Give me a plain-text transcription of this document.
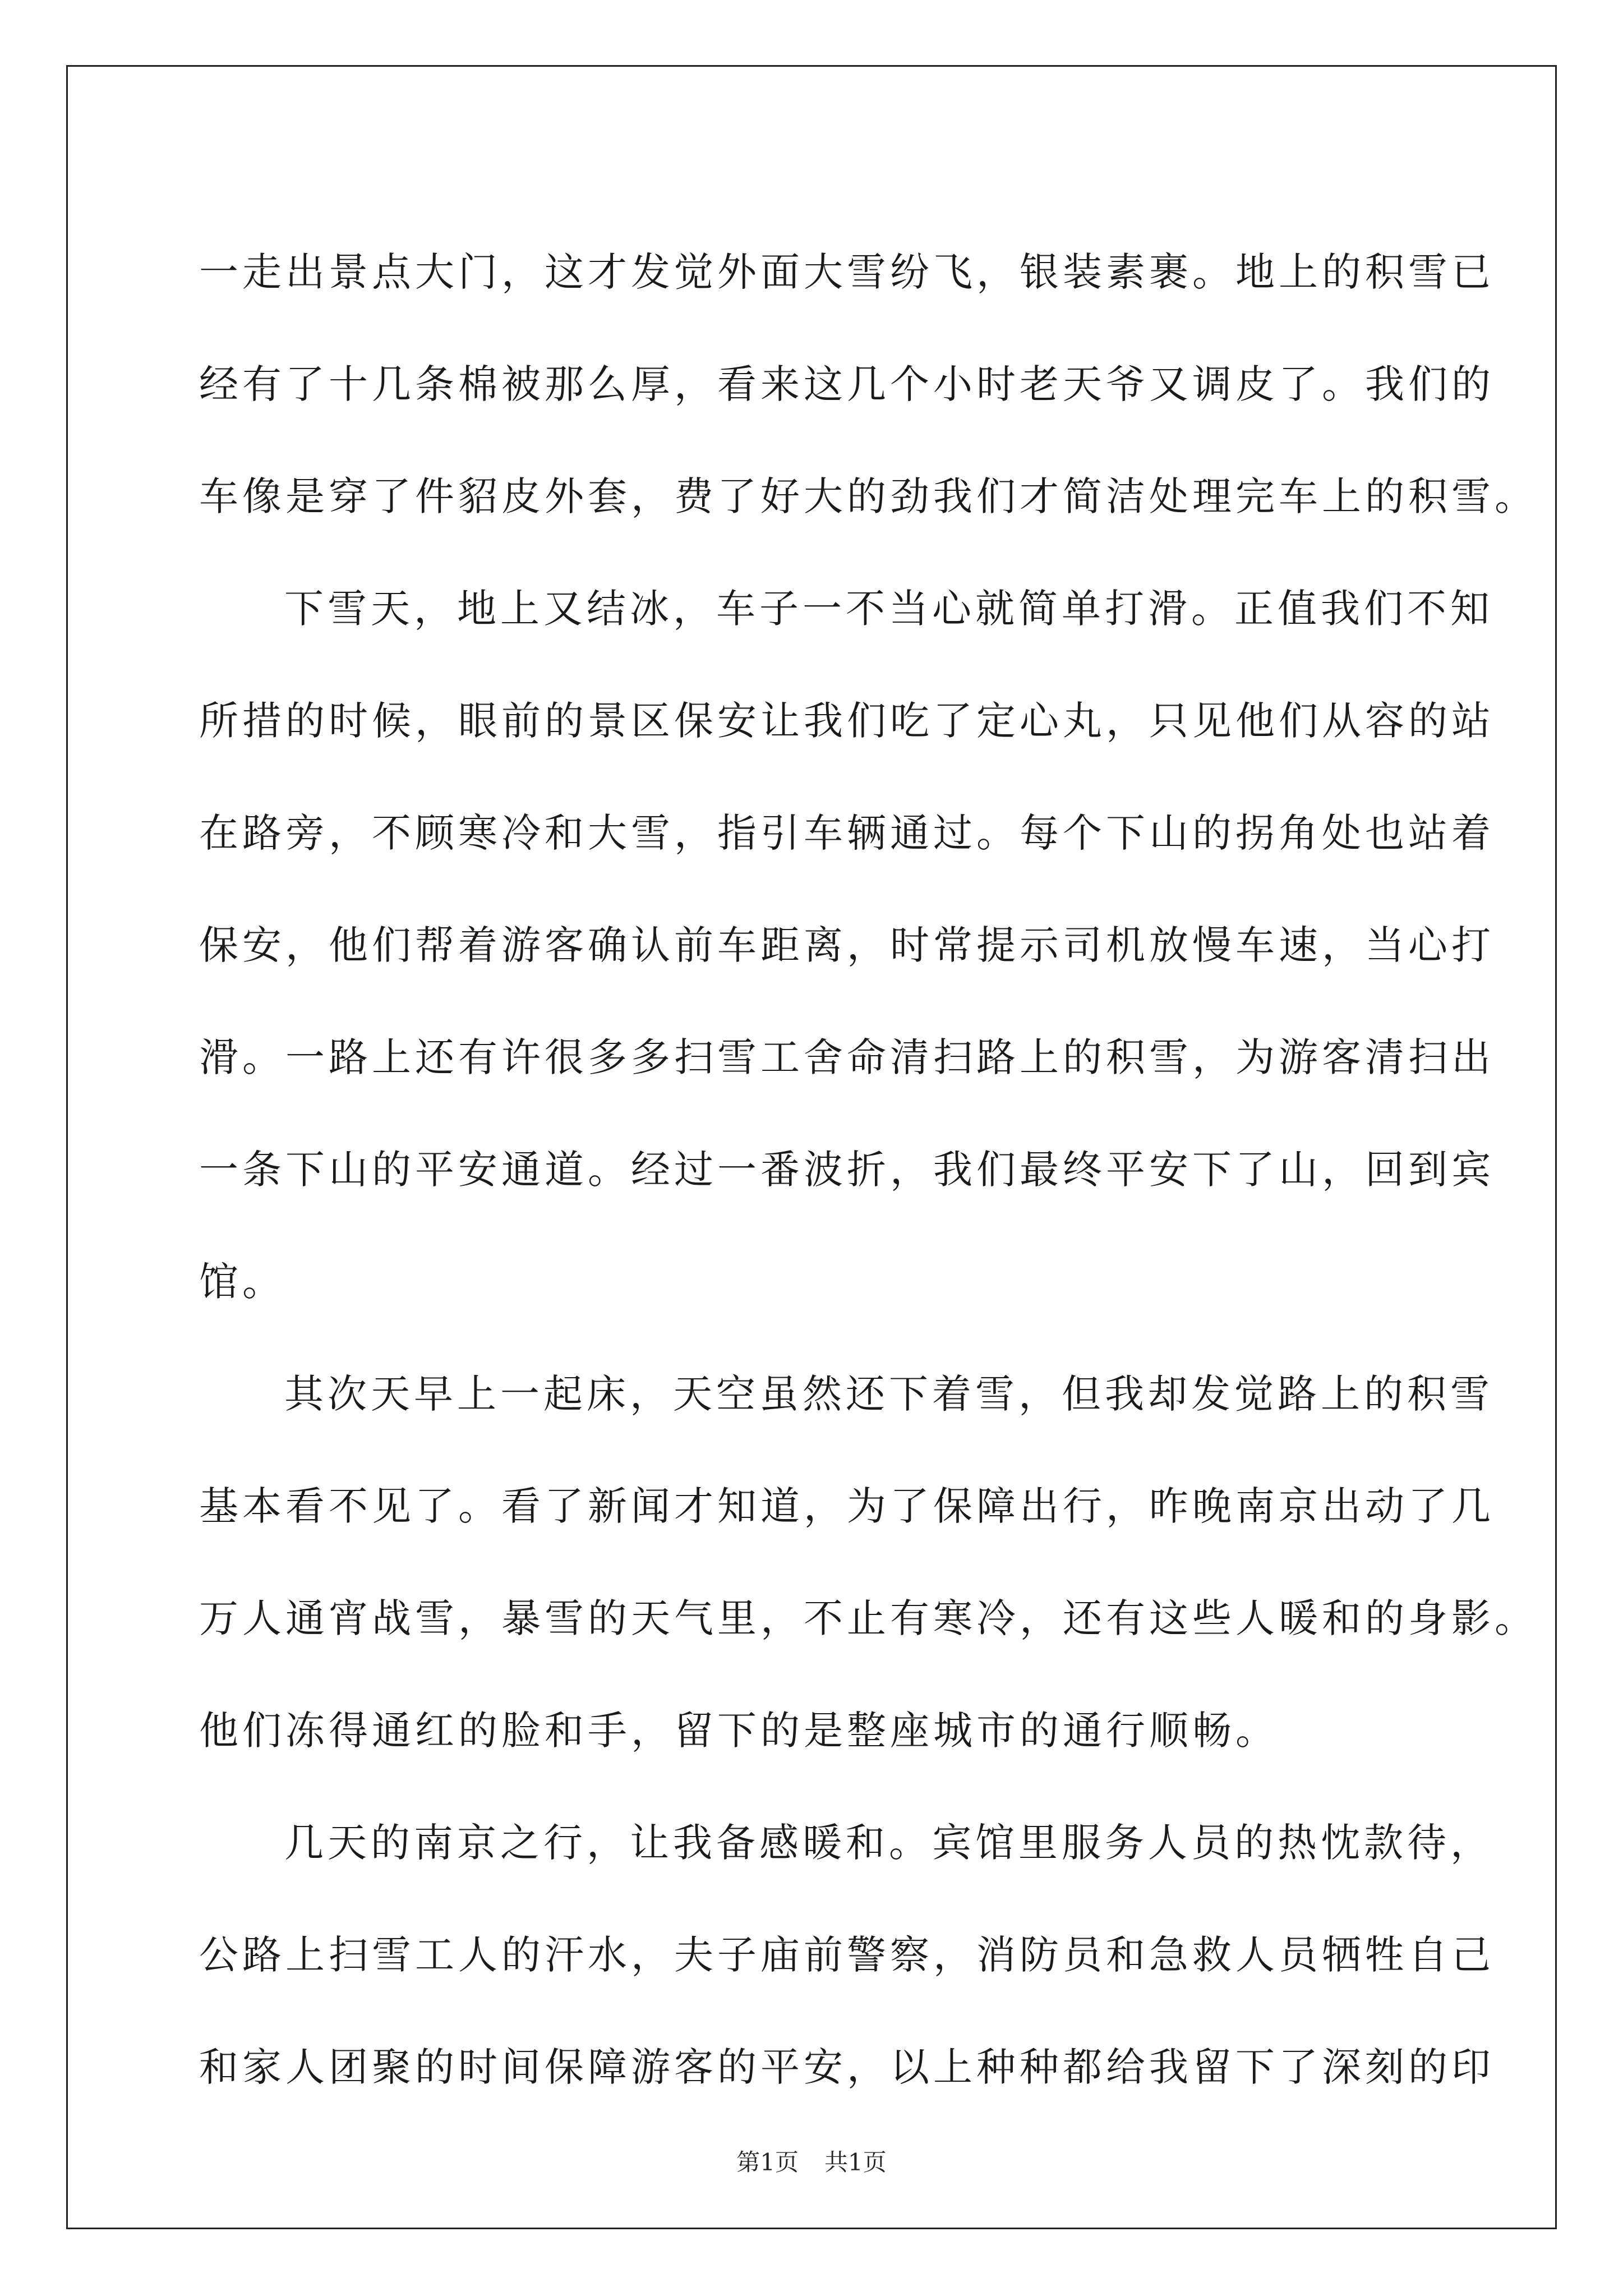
一走出景点大门，这才发觉外面大雪纷飞，银装素裹。地上的积雪已
经有了十几条棉被那么厚，看来这几个小时老天爷又调皮了。我们的
车像是穿了件貂皮外套，费了好大的劲我们才简洁处理完车上的积雪。
下雪天，地上又结冰，车子一不当心就简单打滑。正值我们不知
所措的时候，眼前的景区保安让我们吃了定心丸，只见他们从容的站
在路旁，不顾寒冷和大雪，指引车辆通过。每个下山的拐角处也站着
保安，他们帮着游客确认前车距离，时常提示司机放慢车速，当心打
滑。一路上还有许很多多扫雪工舍命清扫路上的积雪，为游客清扫出
一条下山的平安通道。经过一番波折，我们最终平安下了山，回到宾
馆。
其次天早上一起床，天空虽然还下着雪，但我却发觉路上的积雪
基本看不见了。看了新闻才知道，为了保障出行，昨晚南京出动了几
万人通宵战雪，暴雪的天气里，不止有寒冷，还有这些人暖和的身影。
他们冻得通红的脸和手，留下的是整座城市的通行顺畅。
几天的南京之行，让我备感暖和。宾馆里服务人员的热忱款待，
公路上扫雪工人的汗水，夫子庙前警察，消防员和急救人员牺牲自己
和家人团聚的时间保障游客的平安，以上种种都给我留下了深刻的印
第1页 共1页
